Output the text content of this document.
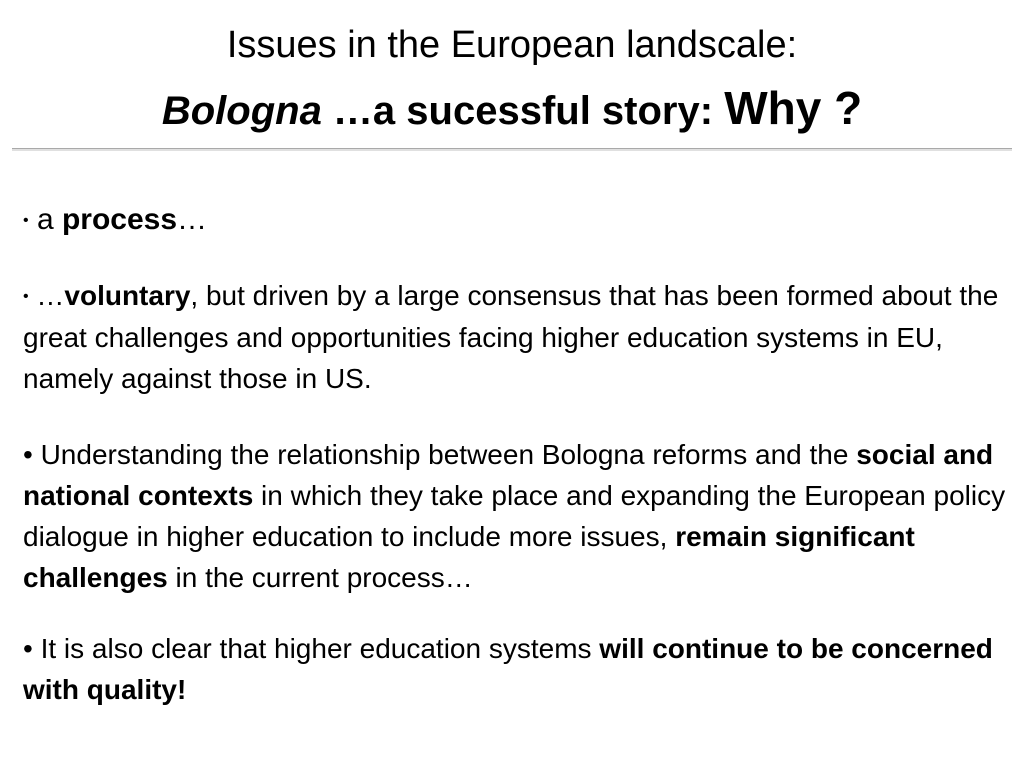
Issues in the European landscale:
Bologna …a sucessful story: Why ?

• a process…

• …voluntary, but driven by a large consensus that has been formed about the great challenges and opportunities facing higher education systems in EU, namely against those in US.

• Understanding the relationship between Bologna reforms and the social and national contexts in which they take place and expanding the European policy dialogue in higher education to include more issues, remain significant challenges in the current process…

• It is also clear that higher education systems will continue to be concerned with quality!
